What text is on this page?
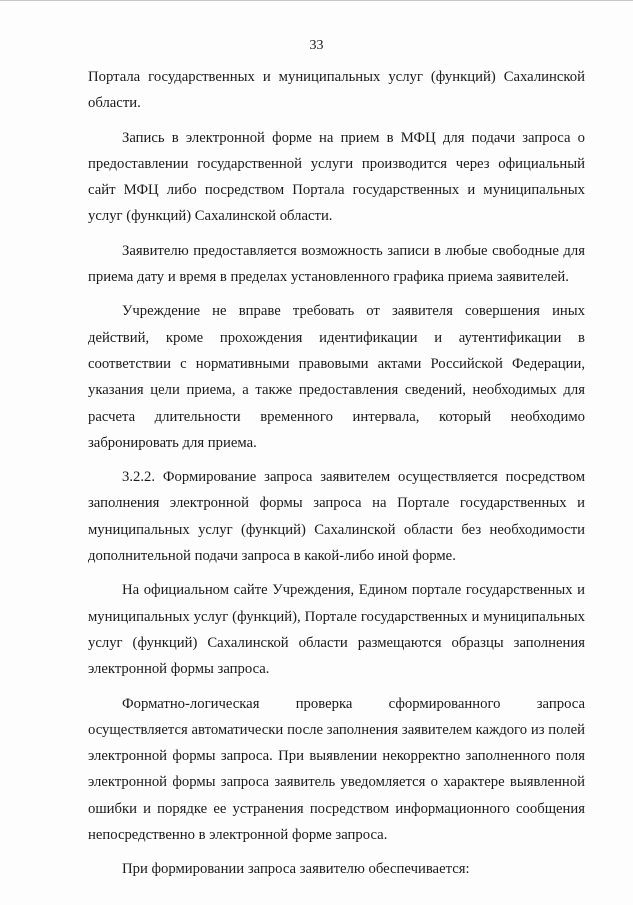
33

Портала государственных и муниципальных услуг (функций) Сахалинской области.

Запись в электронной форме на прием в МФЦ для подачи запроса о предоставлении государственной услуги производится через официальный сайт МФЦ либо посредством Портала государственных и муниципальных услуг (функций) Сахалинской области.

Заявителю предоставляется возможность записи в любые свободные для приема дату и время в пределах установленного графика приема заявителей.

Учреждение не вправе требовать от заявителя совершения иных действий, кроме прохождения идентификации и аутентификации в соответствии с нормативными правовыми актами Российской Федерации, указания цели приема, а также предоставления сведений, необходимых для расчета длительности временного интервала, который необходимо забронировать для приема.

3.2.2. Формирование запроса заявителем осуществляется посредством заполнения электронной формы запроса на Портале государственных и муниципальных услуг (функций) Сахалинской области без необходимости дополнительной подачи запроса в какой-либо иной форме.

На официальном сайте Учреждения, Едином портале государственных и муниципальных услуг (функций), Портале государственных и муниципальных услуг (функций) Сахалинской области размещаются образцы заполнения электронной формы запроса.

Форматно-логическая проверка сформированного запроса осуществляется автоматически после заполнения заявителем каждого из полей электронной формы запроса. При выявлении некорректно заполненного поля электронной формы запроса заявитель уведомляется о характере выявленной ошибки и порядке ее устранения посредством информационного сообщения непосредственно в электронной форме запроса.

При формировании запроса заявителю обеспечивается:
